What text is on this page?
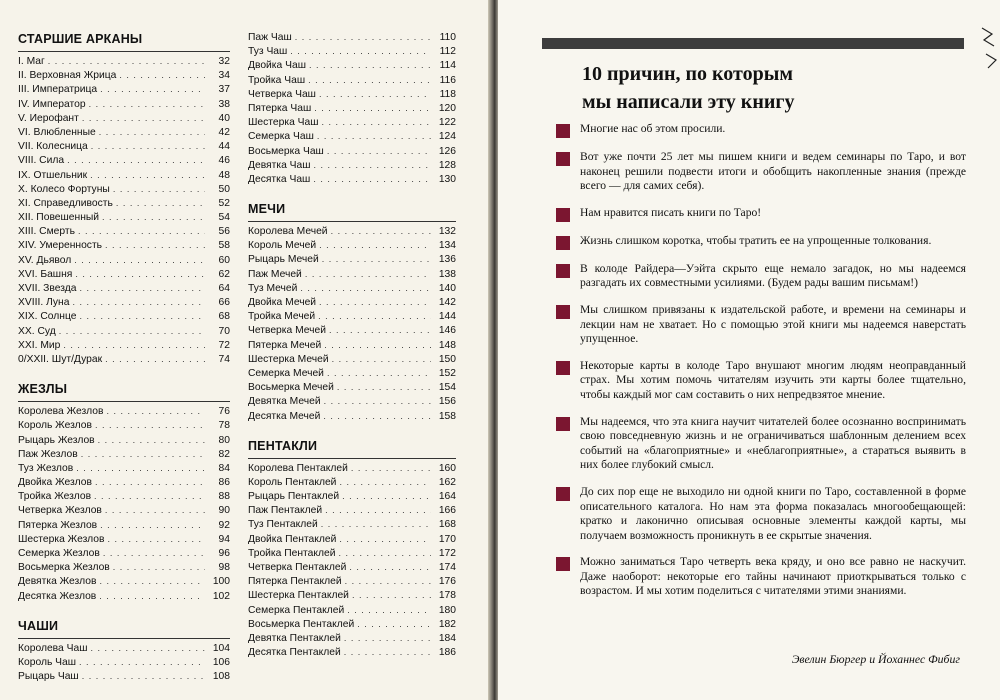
СТАРШИЕ АРКАНЫ
I. Маг . . .	32
II. Верховная Жрица . . .	34
III. Императрица . . .	37
IV. Император . . .	38
V. Иерофант . . .	40
VI. Влюбленные . . .	42
VII. Колесница . . .	44
VIII. Сила . . .	46
IX. Отшельник . . .	48
X. Колесо Фортуны . . .	50
XI. Справедливость . . .	52
XII. Повешенный . . .	54
XIII. Смерть . . .	56
XIV. Умеренность . . .	58
XV. Дьявол . . .	60
XVI. Башня . . .	62
XVII. Звезда . . .	64
XVIII. Луна . . .	66
XIX. Солнце . . .	68
XX. Суд . . .	70
XXI. Мир . . .	72
0/XXII. Шут/Дурак . . .	74
ЖЕЗЛЫ
Королева Жезлов . . .	76
Король Жезлов . . .	78
Рыцарь Жезлов . . .	80
Паж Жезлов . . .	82
Туз Жезлов . . .	84
Двойка Жезлов . . .	86
Тройка Жезлов . . .	88
Четверка Жезлов . . .	90
Пятерка Жезлов . . .	92
Шестерка Жезлов . . .	94
Семерка Жезлов . . .	96
Восьмерка Жезлов . . .	98
Девятка Жезлов . . .	100
Десятка Жезлов . . .	102
ЧАШИ
Королева Чаш . . .	104
Король Чаш . . .	106
Рыцарь Чаш . . .	108
Паж Чаш . . .	110
Туз Чаш . . .	112
Двойка Чаш . . .	114
Тройка Чаш . . .	116
Четверка Чаш . . .	118
Пятерка Чаш . . .	120
Шестерка Чаш . . .	122
Семерка Чаш . . .	124
Восьмерка Чаш . . .	126
Девятка Чаш . . .	128
Десятка Чаш . . .	130
МЕЧИ
Королева Мечей . . .	132
Король Мечей . . .	134
Рыцарь Мечей . . .	136
Паж Мечей . . .	138
Туз Мечей . . .	140
Двойка Мечей . . .	142
Тройка Мечей . . .	144
Четверка Мечей . . .	146
Пятерка Мечей . . .	148
Шестерка Мечей . . .	150
Семерка Мечей . . .	152
Восьмерка Мечей . . .	154
Девятка Мечей . . .	156
Десятка Мечей . . .	158
ПЕНТАКЛИ
Королева Пентаклей . . .	160
Король Пентаклей . . .	162
Рыцарь Пентаклей . . .	164
Паж Пентаклей . . .	166
Туз Пентаклей . . .	168
Двойка Пентаклей . . .	170
Тройка Пентаклей . . .	172
Четверка Пентаклей . . .	174
Пятерка Пентаклей . . .	176
Шестерка Пентаклей . . .	178
Семерка Пентаклей . . .	180
Восьмерка Пентаклей . . .	182
Девятка Пентаклей . . .	184
Десятка Пентаклей . . .	186
10 причин, по которым
мы написали эту книгу
Многие нас об этом просили.
Вот уже почти 25 лет мы пишем книги и ведем семинары по Таро, и вот наконец решили подвести итоги и обобщить накопленные знания (прежде всего — для самих себя).
Нам нравится писать книги по Таро!
Жизнь слишком коротка, чтобы тратить ее на упрощенные толкования.
В колоде Райдера—Уэйта скрыто еще немало загадок, но мы надеемся разгадать их совместными усилиями. (Будем рады вашим письмам!)
Мы слишком привязаны к издательской работе, и времени на семинары и лекции нам не хватает. Но с помощью этой книги мы надеемся наверстать упущенное.
Некоторые карты в колоде Таро внушают многим людям неоправданный страх. Мы хотим помочь читателям изучить эти карты более тщательно, чтобы каждый мог сам составить о них непредвзятое мнение.
Мы надеемся, что эта книга научит читателей более осознанно воспринимать свою повседневную жизнь и не ограничиваться шаблонным делением всех событий на «благоприятные» и «неблагоприятные», а стараться выявить в них более глубокий смысл.
До сих пор еще не выходило ни одной книги по Таро, составленной в форме описательного каталога. Но нам эта форма показалась многообещающей: кратко и лаконично описывая основные элементы каждой карты, мы получаем возможность проникнуть в ее скрытые значения.
Можно заниматься Таро четверть века кряду, и оно все равно не наскучит. Даже наоборот: некоторые его тайны начинают приоткрываться только с возрастом. И мы хотим поделиться с читателями этими знаниями.
Эвелин Бюргер и Йоханнес Фибиг
